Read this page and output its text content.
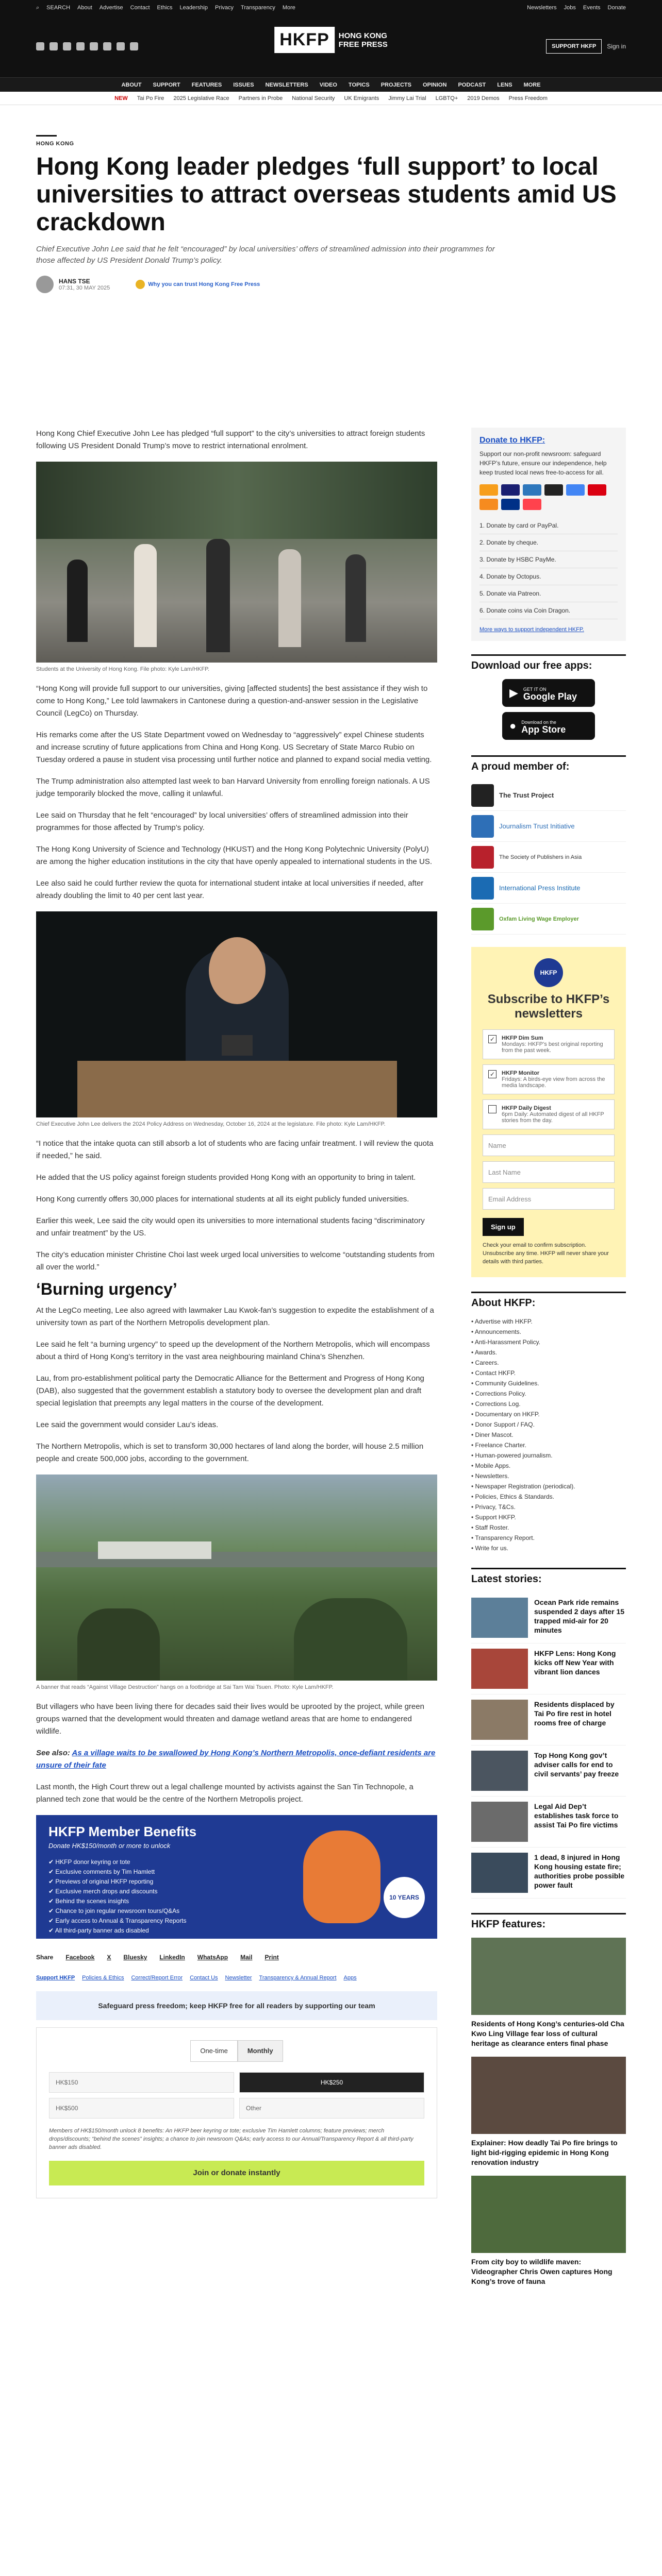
⌕ SEARCH About Advertise Contact Ethics Leadership Privacy Transparency More	Newsletters Jobs Events Donate
HKFP	HONG KONG
FREE PRESS	SUPPORT HKFP	Sign in
ABOUT SUPPORT FEATURES ISSUES NEWSLETTERS VIDEO TOPICS PROJECTS OPINION PODCAST LENS MORE
NEW Tai Po Fire 2025 Legislative Race Partners in Probe National Security UK Emigrants Jimmy Lai Trial LGBTQ+ 2019 Demos Press Freedom
HONG KONG
Hong Kong leader pledges ‘full support’ to local universities to attract overseas students amid US crackdown

Chief Executive John Lee said that he felt “encouraged” by local universities’ offers of streamlined admission into their programmes for those affected by US President Donald Trump’s policy.

HANS TSE
07:31, 30 MAY 2025
Why you can trust Hong Kong Free Press

Hong Kong Chief Executive John Lee has pledged “full support” to the city’s universities to attract foreign students following US President Donald Trump’s move to restrict international enrolment.

Students at the University of Hong Kong. File photo: Kyle Lam/HKFP.

“Hong Kong will provide full support to our universities, giving [affected students] the best assistance if they wish to come to Hong Kong,” Lee told lawmakers in Cantonese during a question-and-answer session in the Legislative Council (LegCo) on Thursday.

His remarks come after the US State Department vowed on Wednesday to “aggressively” expel Chinese students and increase scrutiny of future applications from China and Hong Kong. US Secretary of State Marco Rubio on Tuesday ordered a pause in student visa processing until further notice and planned to expand social media vetting.

The Trump administration also attempted last week to ban Harvard University from enrolling foreign nationals. A US judge temporarily blocked the move, calling it unlawful.

Lee said on Thursday that he felt “encouraged” by local universities’ offers of streamlined admission into their programmes for those affected by Trump’s policy.

The Hong Kong University of Science and Technology (HKUST) and the Hong Kong Polytechnic University (PolyU) are among the higher education institutions in the city that have openly appealed to international students in the US.

Lee also said he could further review the quota for international student intake at local universities if needed, after already doubling the limit to 40 per cent last year.

Chief Executive John Lee delivers the 2024 Policy Address on Wednesday, October 16, 2024 at the legislature. File photo: Kyle Lam/HKFP.

“I notice that the intake quota can still absorb a lot of students who are facing unfair treatment. I will review the quota if needed,” he said.

He added that the US policy against foreign students provided Hong Kong with an opportunity to bring in talent.

Hong Kong currently offers 30,000 places for international students at all its eight publicly funded universities.

Earlier this week, Lee said the city would open its universities to more international students facing “discriminatory and unfair treatment” by the US.

The city’s education minister Christine Choi last week urged local universities to welcome “outstanding students from all over the world.”

‘Burning urgency’

At the LegCo meeting, Lee also agreed with lawmaker Lau Kwok-fan’s suggestion to expedite the establishment of a university town as part of the Northern Metropolis development plan.

Lee said he felt “a burning urgency” to speed up the development of the Northern Metropolis, which will encompass about a third of Hong Kong’s territory in the vast area neighbouring mainland China’s Shenzhen.

Lau, from pro-establishment political party the Democratic Alliance for the Betterment and Progress of Hong Kong (DAB), also suggested that the government establish a statutory body to oversee the development plan and draft special legislation that preempts any legal matters in the course of the development.

Lee said the government would consider Lau’s ideas.

The Northern Metropolis, which is set to transform 30,000 hectares of land along the border, will house 2.5 million people and create 500,000 jobs, according to the government.

A banner that reads “Against Village Destruction” hangs on a footbridge at Sai Tam Wai Tsuen. Photo: Kyle Lam/HKFP.

But villagers who have been living there for decades said their lives would be uprooted by the project, while green groups warned that the development would threaten and damage wetland areas that are home to endangered wildlife.

See also: As a village waits to be swallowed by Hong Kong’s Northern Metropolis, once-defiant residents are unsure of their fate

Last month, the High Court threw out a legal challenge mounted by activists against the San Tin Technopole, a planned tech zone that would be the centre of the Northern Metropolis project.

HKFP Member Benefits
Donate HK$150/month or more to unlock
✔ HKFP donor keyring or tote
✔ Exclusive comments by Tim Hamlett
✔ Previews of original HKFP reporting
✔ Exclusive merch drops and discounts
✔ Behind the scenes insights
✔ Chance to join regular newsroom tours/Q&As
✔ Early access to Annual & Transparency Reports
✔ All third-party banner ads disabled
10 YEARS
Share Facebook X Bluesky LinkedIn WhatsApp Mail Print
Support HKFP Policies & Ethics Correct/Report Error Contact Us Newsletter Transparency & Annual Report Apps
Safeguard press freedom; keep HKFP free for all readers by supporting our team
One-time	Monthly
HK$150	HK$250
HK$500	Other

Members of HK$150/month unlock 8 benefits: An HKFP beer keyring or tote; exclusive Tim Hamlett columns; feature previews; merch drops/discounts; “behind the scenes” insights; a chance to join newsroom Q&As; early access to our Annual/Transparency Report & all third-party banner ads disabled.

Join or donate instantly
Donate to HKFP:

Support our non-profit newsroom: safeguard HKFP’s future, ensure our independence, help keep trusted local news free-to-access for all.

1. Donate by card or PayPal.
2. Donate by cheque.
3. Donate by HSBC PayMe.
4. Donate by Octopus.
5. Donate via Patreon.
6. Donate coins via Coin Dragon.
More ways to support independent HKFP.
Download our free apps:
▶ GET IT ON
Google Play
● Download on the
App Store
A proud member of:
The Trust Project
Journalism Trust Initiative
The Society of Publishers in Asia
International Press Institute
Oxfam Living Wage Employer
HKFP
Subscribe to HKFP’s newsletters
✓ HKFP Dim Sum
Mondays: HKFP’s best original reporting from the past week.
✓ HKFP Monitor
Fridays: A birds-eye view from across the media landscape.
HKFP Daily Digest
6pm Daily: Automated digest of all HKFP stories from the day.
Name
Last Name
Email Address
Sign up

Check your email to confirm subscription. Unsubscribe any time. HKFP will never share your details with third parties.

About HKFP:
• Advertise with HKFP.
• Announcements.
• Anti-Harassment Policy.
• Awards.
• Careers.
• Contact HKFP.
• Community Guidelines.
• Corrections Policy.
• Corrections Log.
• Documentary on HKFP.
• Donor Support / FAQ.
• Diner Mascot.
• Freelance Charter.
• Human-powered journalism.
• Mobile Apps.
• Newsletters.
• Newspaper Registration (periodical).
• Policies, Ethics & Standards.
• Privacy, T&Cs.
• Support HKFP.
• Staff Roster.
• Transparency Report.
• Write for us.
Latest stories:
Ocean Park ride remains suspended 2 days after 15 trapped mid-air for 20 minutes
HKFP Lens: Hong Kong kicks off New Year with vibrant lion dances
Residents displaced by Tai Po fire rest in hotel rooms free of charge
Top Hong Kong gov’t adviser calls for end to civil servants’ pay freeze
Legal Aid Dep’t establishes task force to assist Tai Po fire victims
1 dead, 8 injured in Hong Kong housing estate fire; authorities probe possible power fault
HKFP features:
Residents of Hong Kong’s centuries-old Cha Kwo Ling Village fear loss of cultural heritage as clearance enters final phase
Explainer: How deadly Tai Po fire brings to light bid-rigging epidemic in Hong Kong renovation industry
From city boy to wildlife maven: Videographer Chris Owen captures Hong Kong’s trove of fauna
